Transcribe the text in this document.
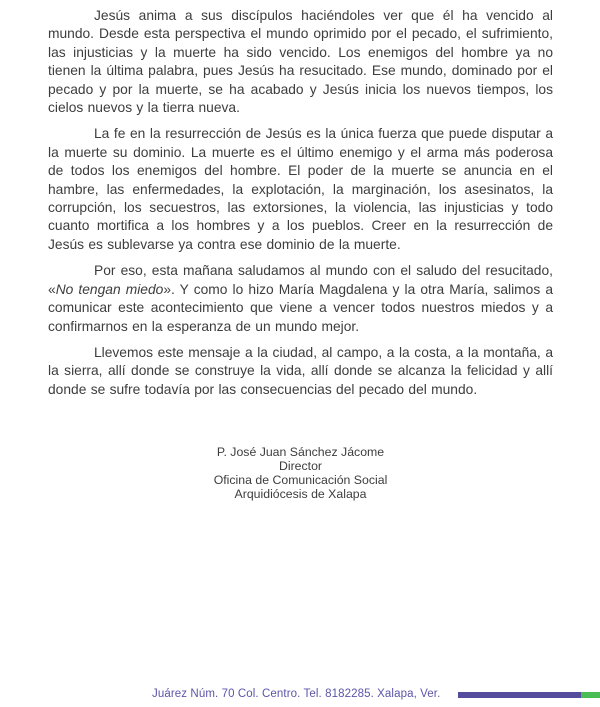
Jesús anima a sus discípulos haciéndoles ver que él ha vencido al mundo. Desde esta perspectiva el mundo oprimido por el pecado, el sufrimiento, las injusticias y la muerte ha sido vencido. Los enemigos del hombre ya no tienen la última palabra, pues Jesús ha resucitado. Ese mundo, dominado por el pecado y por la muerte, se ha acabado y Jesús inicia los nuevos tiempos, los cielos nuevos y la tierra nueva.

La fe en la resurrección de Jesús es la única fuerza que puede disputar a la muerte su dominio. La muerte es el último enemigo y el arma más poderosa de todos los enemigos del hombre. El poder de la muerte se anuncia en el hambre, las enfermedades, la explotación, la marginación, los asesinatos, la corrupción, los secuestros, las extorsiones, la violencia, las injusticias y todo cuanto mortifica a los hombres y a los pueblos. Creer en la resurrección de Jesús es sublevarse ya contra ese dominio de la muerte.

Por eso, esta mañana saludamos al mundo con el saludo del resucitado, «No tengan miedo». Y como lo hizo María Magdalena y la otra María, salimos a comunicar este acontecimiento que viene a vencer todos nuestros miedos y a confirmarnos en la esperanza de un mundo mejor.

Llevemos este mensaje a la ciudad, al campo, a la costa, a la montaña, a la sierra, allí donde se construye la vida, allí donde se alcanza la felicidad y allí donde se sufre todavía por las consecuencias del pecado del mundo.

P. José Juan Sánchez Jácome
Director
Oficina de Comunicación Social
Arquidiócesis de Xalapa
Juárez Núm. 70 Col. Centro. Tel. 8182285. Xalapa, Ver.
